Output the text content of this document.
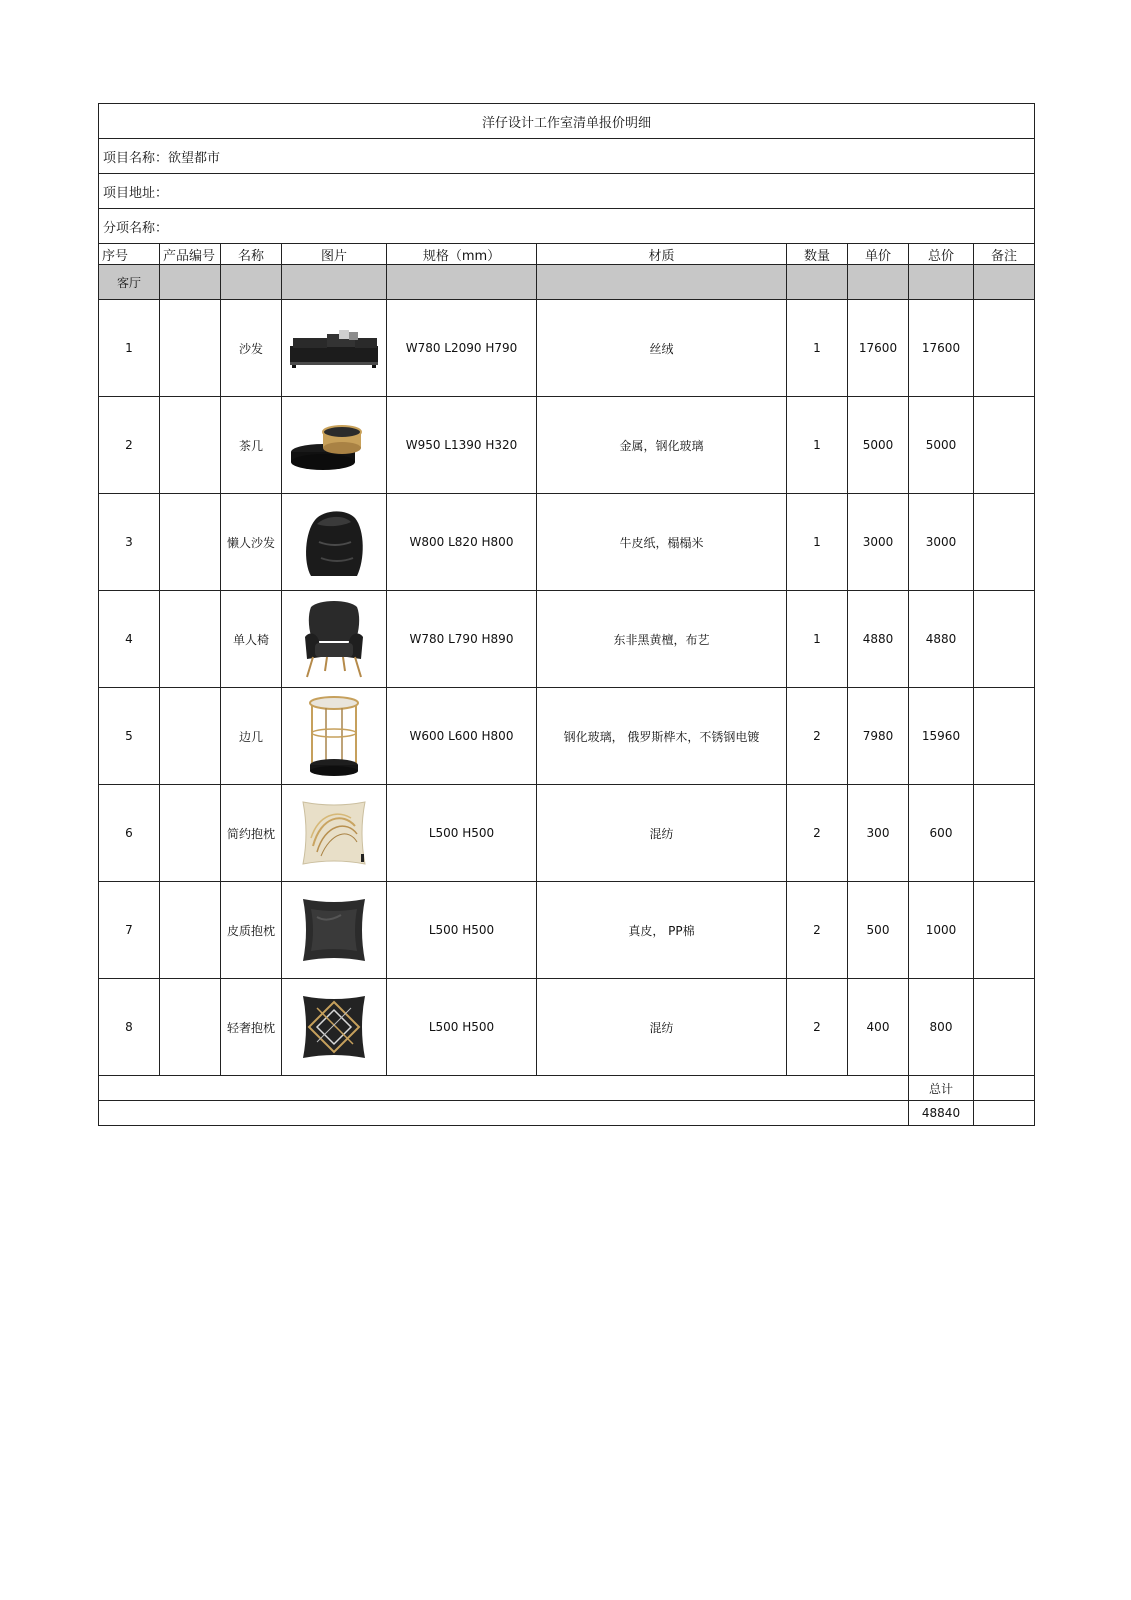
洋仔设计工作室清单报价明细									
项目名称：欲望都市									
项目地址：									
分项名称：									
序号	产品编号	名称	图片	规格（mm）	材质	数量	单价	总价	备注
客厅									
1		沙发		W780 L2090 H790	丝绒	1	17600	17600	
2		茶几		W950 L1390 H320	金属，钢化玻璃	1	5000	5000	
3		懒人沙发		W800 L820 H800	牛皮纸，榻榻米	1	3000	3000	
4		单人椅		W780 L790 H890	东非黑黄檀，布艺	1	4880	4880	
5		边几		W600 L600 H800	钢化玻璃， 俄罗斯桦木，不锈钢电镀	2	7980	15960	
6		简约抱枕		L500 H500	混纺	2	300	600	
7		皮质抱枕		L500 H500	真皮， PP棉	2	500	1000	
8		轻奢抱枕		L500 H500	混纺	2	400	800	
								总计	
								48840	
